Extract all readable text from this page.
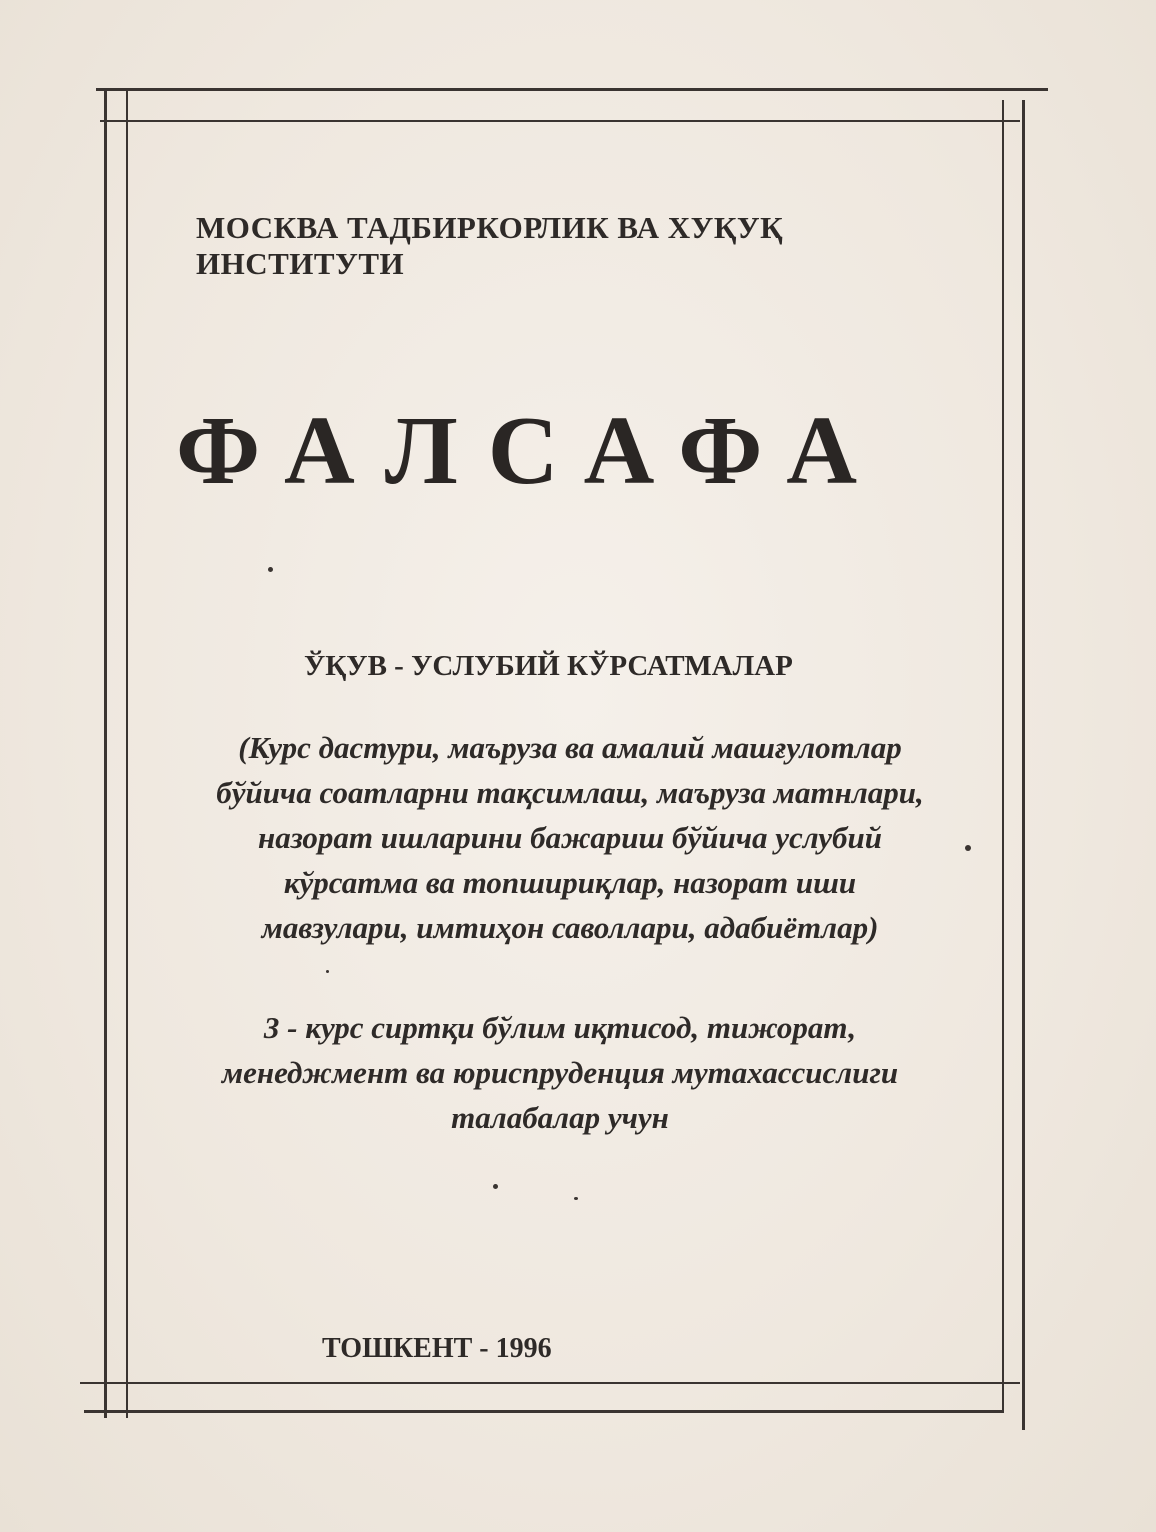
МОСКВА ТАДБИРКОРЛИК ВА ХУҚУҚ ИНСТИТУТИ
ФАЛСАФА
ЎҚУВ - УСЛУБИЙ КЎРСАТМАЛАР
(Курс дастури, маъруза ва амалий машғулотлар
бўйича соатларни тақсимлаш, маъруза матнлари,
назорат ишларини бажариш бўйича услубий
кўрсатма ва топшириқлар, назорат иши
мавзулари, имтиҳон саволлари, адабиётлар)
3 - курс сиртқи бўлим иқтисод, тижорат,
менеджмент ва юриспруденция мутахассислиги
талабалар учун
ТОШКЕНТ - 1996
